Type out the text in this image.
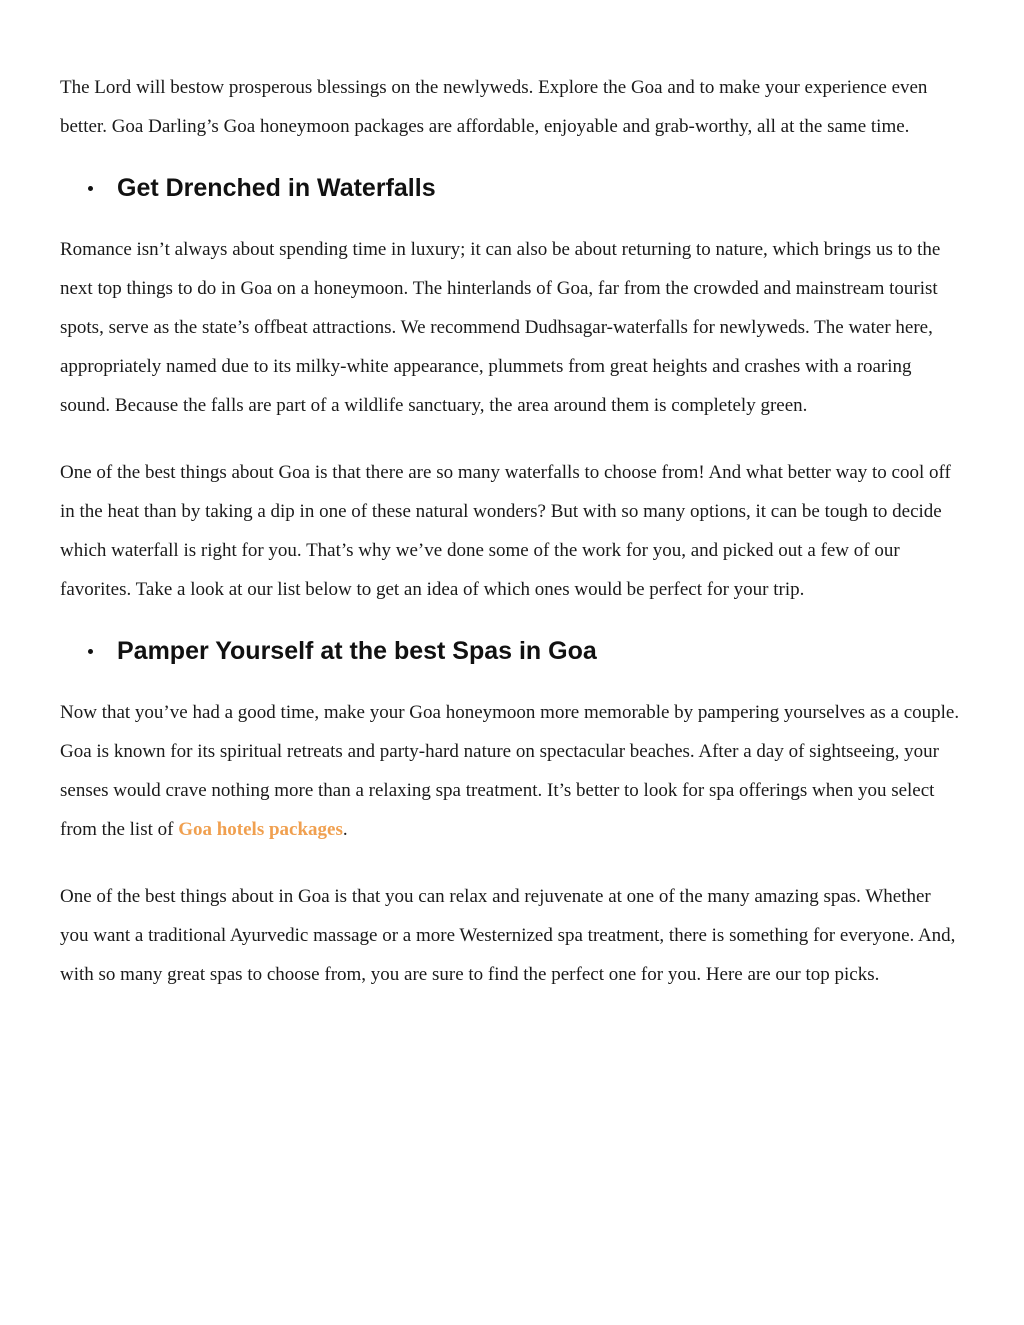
The Lord will bestow prosperous blessings on the newlyweds. Explore the Goa and to make your experience even better. Goa Darling’s Goa honeymoon packages are affordable, enjoyable and grab-worthy, all at the same time.

Get Drenched in Waterfalls

Romance isn’t always about spending time in luxury; it can also be about returning to nature, which brings us to the next top things to do in Goa on a honeymoon. The hinterlands of Goa, far from the crowded and mainstream tourist spots, serve as the state’s offbeat attractions. We recommend Dudhsagar-waterfalls for newlyweds. The water here, appropriately named due to its milky-white appearance, plummets from great heights and crashes with a roaring sound. Because the falls are part of a wildlife sanctuary, the area around them is completely green.

One of the best things about Goa is that there are so many waterfalls to choose from! And what better way to cool off in the heat than by taking a dip in one of these natural wonders? But with so many options, it can be tough to decide which waterfall is right for you. That’s why we’ve done some of the work for you, and picked out a few of our favorites. Take a look at our list below to get an idea of which ones would be perfect for your trip.

Pamper Yourself at the best Spas in Goa

Now that you’ve had a good time, make your Goa honeymoon more memorable by pampering yourselves as a couple. Goa is known for its spiritual retreats and party-hard nature on spectacular beaches. After a day of sightseeing, your senses would crave nothing more than a relaxing spa treatment. It’s better to look for spa offerings when you select from the list of Goa hotels packages.

One of the best things about in Goa is that you can relax and rejuvenate at one of the many amazing spas. Whether you want a traditional Ayurvedic massage or a more Westernized spa treatment, there is something for everyone. And, with so many great spas to choose from, you are sure to find the perfect one for you. Here are our top picks.
